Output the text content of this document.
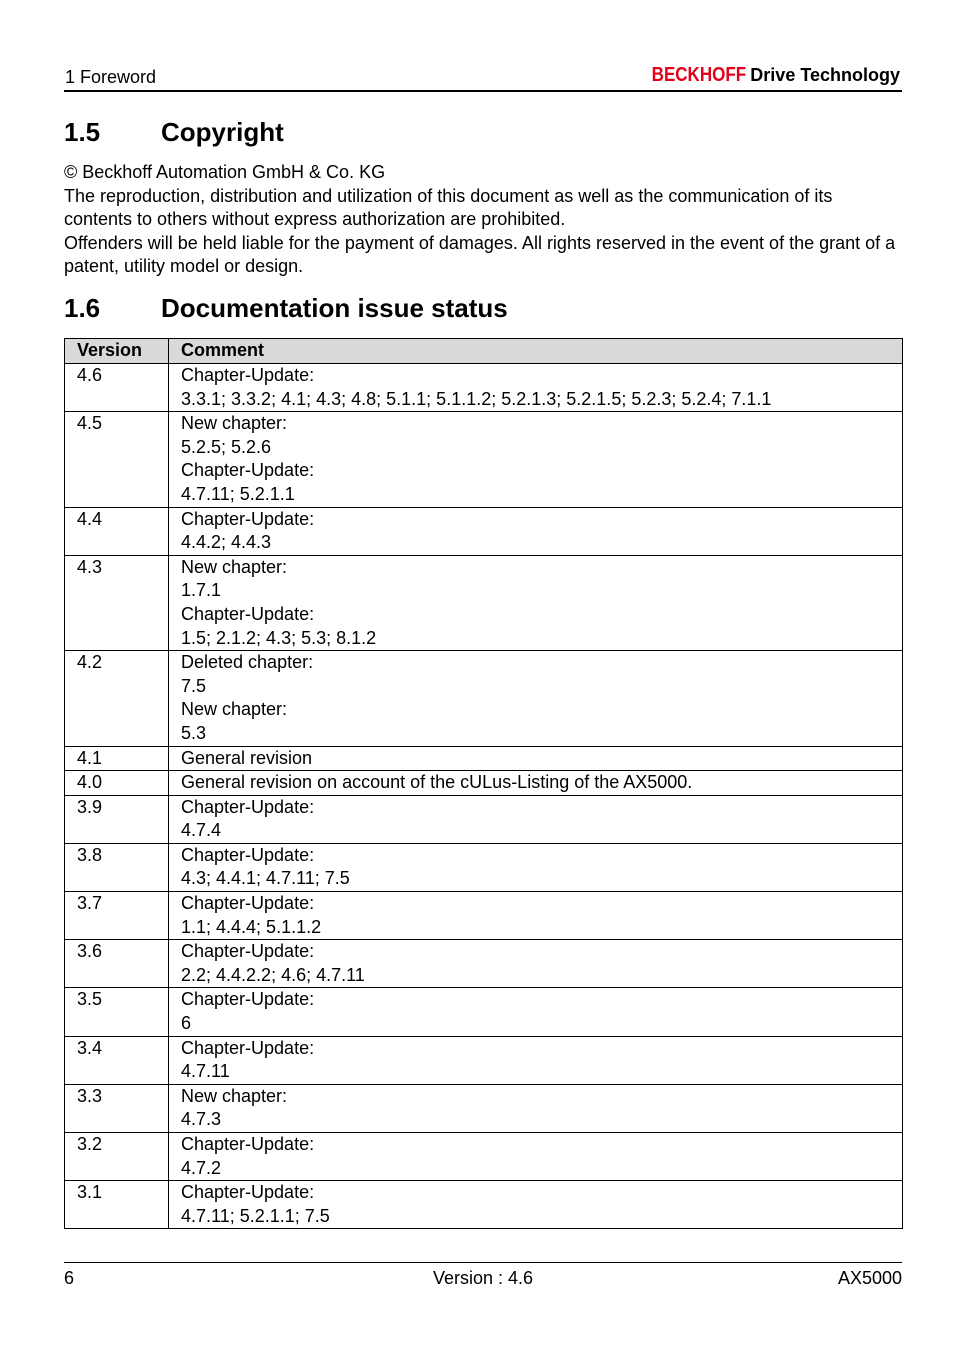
1 Foreword	BECKHOFF Drive Technology
1.5 Copyright

© Beckhoff Automation GmbH & Co. KG

The reproduction, distribution and utilization of this document as well as the communication of its contents to others without express authorization are prohibited.

Offenders will be held liable for the payment of damages. All rights reserved in the event of the grant of a patent, utility model or design.

1.6 Documentation issue status
Version	Comment
4.6	Chapter-Update:
3.3.1; 3.3.2; 4.1; 4.3; 4.8; 5.1.1; 5.1.1.2; 5.2.1.3; 5.2.1.5; 5.2.3; 5.2.4; 7.1.1

4.5	New chapter:
5.2.5; 5.2.6
Chapter-Update:
4.7.11; 5.2.1.1

4.4	Chapter-Update:
4.4.2; 4.4.3

4.3	New chapter:
1.7.1
Chapter-Update:
1.5; 2.1.2; 4.3; 5.3; 8.1.2

4.2	Deleted chapter:
7.5
New chapter:
5.3

4.1	General revision

4.0	General revision on account of the cULus-Listing of the AX5000.

3.9	Chapter-Update:
4.7.4

3.8	Chapter-Update:
4.3; 4.4.1; 4.7.11; 7.5

3.7	Chapter-Update:
1.1; 4.4.4; 5.1.1.2

3.6	Chapter-Update:
2.2; 4.4.2.2; 4.6; 4.7.11

3.5	Chapter-Update:
6

3.4	Chapter-Update:
4.7.11

3.3	New chapter:
4.7.3

3.2	Chapter-Update:
4.7.2

3.1	Chapter-Update:
4.7.11; 5.2.1.1; 7.5
6	Version : 4.6	AX5000
